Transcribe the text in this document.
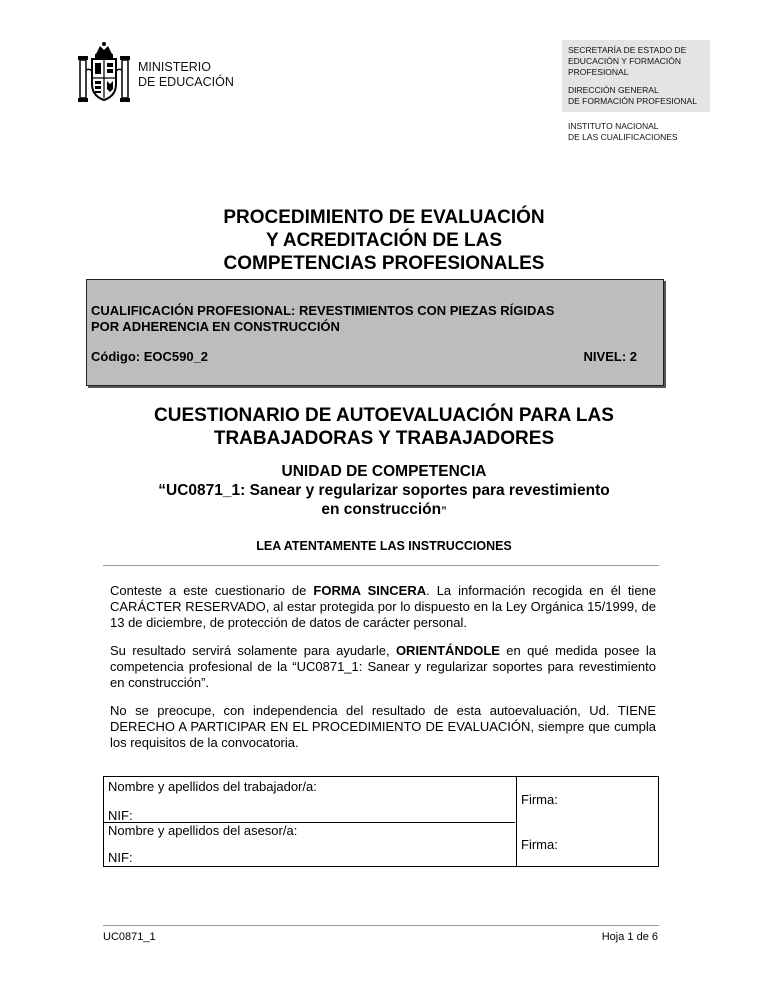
MINISTERIO
DE EDUCACIÓN
SECRETARÍA DE ESTADO DE
EDUCACIÓN Y FORMACIÓN
PROFESIONAL
DIRECCIÓN GENERAL
DE FORMACIÓN PROFESIONAL
INSTITUTO NACIONAL
DE LAS CUALIFICACIONES
PROCEDIMIENTO DE EVALUACIÓN
Y ACREDITACIÓN DE LAS
COMPETENCIAS PROFESIONALES
CUALIFICACIÓN PROFESIONAL: REVESTIMIENTOS CON PIEZAS RÍGIDAS
POR ADHERENCIA EN CONSTRUCCIÓN
Código: EOC590_2	NIVEL: 2
CUESTIONARIO DE AUTOEVALUACIÓN PARA LAS
TRABAJADORAS Y TRABAJADORES
UNIDAD DE COMPETENCIA
“UC0871_1: Sanear y regularizar soportes para revestimiento
en construcción”
LEA ATENTAMENTE LAS INSTRUCCIONES
Conteste a este cuestionario de FORMA SINCERA. La información recogida en él tiene CARÁCTER RESERVADO, al estar protegida por lo dispuesto en la Ley Orgánica 15/1999, de 13 de diciembre, de protección de datos de carácter personal.
Su resultado servirá solamente para ayudarle, ORIENTÁNDOLE en qué medida posee la competencia profesional de la “UC0871_1: Sanear y regularizar soportes para revestimiento en construcción”.
No se preocupe, con independencia del resultado de esta autoevaluación, Ud. TIENE DERECHO A PARTICIPAR EN EL PROCEDIMIENTO DE EVALUACIÓN, siempre que cumpla los requisitos de la convocatoria.
Nombre y apellidos del trabajador/a:
NIF:
Nombre y apellidos del asesor/a:
NIF:
Firma:
Firma:
UC0871_1	Hoja 1 de 6
